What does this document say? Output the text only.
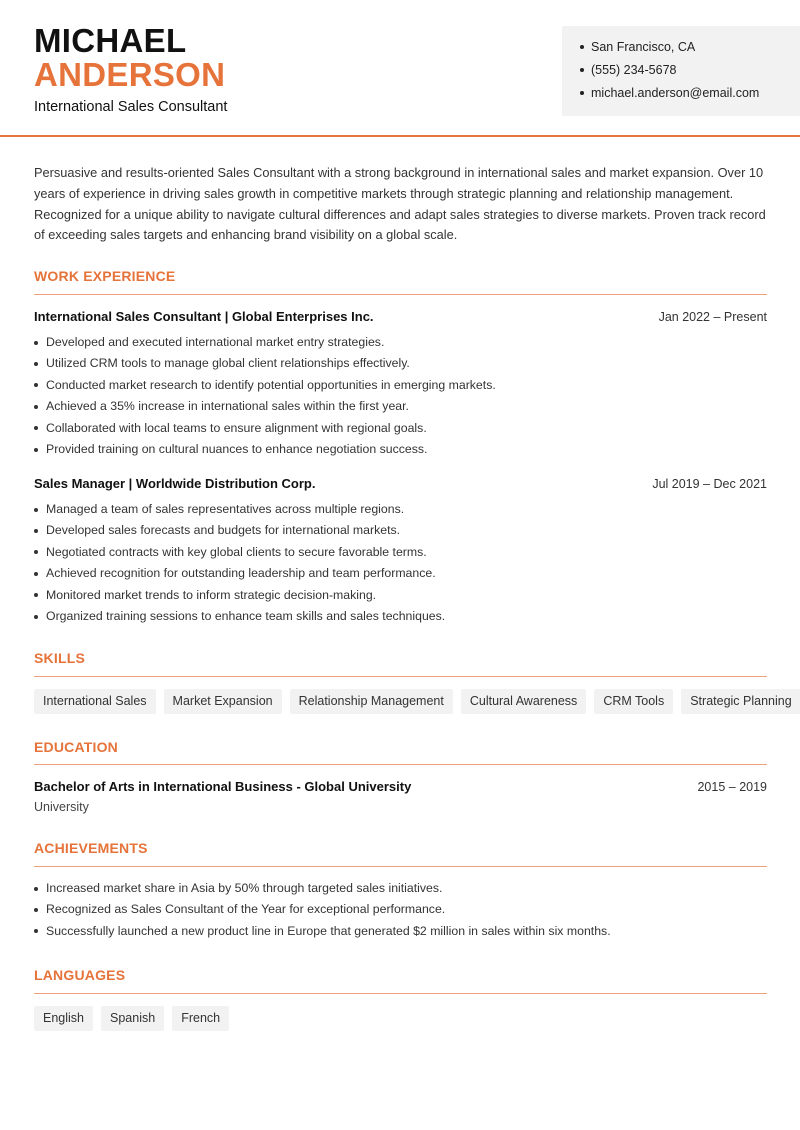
MICHAEL
ANDERSON
International Sales Consultant
San Francisco, CA
(555) 234-5678
michael.anderson@email.com

Persuasive and results-oriented Sales Consultant with a strong background in international sales and market expansion. Over 10 years of experience in driving sales growth in competitive markets through strategic planning and relationship management. Recognized for a unique ability to navigate cultural differences and adapt sales strategies to diverse markets. Proven track record of exceeding sales targets and enhancing brand visibility on a global scale.

WORK EXPERIENCE
International Sales Consultant | Global Enterprises Inc.	Jan 2022 – Present
Developed and executed international market entry strategies.
Utilized CRM tools to manage global client relationships effectively.
Conducted market research to identify potential opportunities in emerging markets.
Achieved a 35% increase in international sales within the first year.
Collaborated with local teams to ensure alignment with regional goals.
Provided training on cultural nuances to enhance negotiation success.
Sales Manager | Worldwide Distribution Corp.	Jul 2019 – Dec 2021
Managed a team of sales representatives across multiple regions.
Developed sales forecasts and budgets for international markets.
Negotiated contracts with key global clients to secure favorable terms.
Achieved recognition for outstanding leadership and team performance.
Monitored market trends to inform strategic decision-making.
Organized training sessions to enhance team skills and sales techniques.
SKILLS
International Sales	Market Expansion	Relationship Management	Cultural Awareness	CRM Tools	Strategic Planning
EDUCATION
Bachelor of Arts in International Business - Global University	2015 – 2019
University
ACHIEVEMENTS
Increased market share in Asia by 50% through targeted sales initiatives.
Recognized as Sales Consultant of the Year for exceptional performance.
Successfully launched a new product line in Europe that generated $2 million in sales within six months.
LANGUAGES
English	Spanish	French
